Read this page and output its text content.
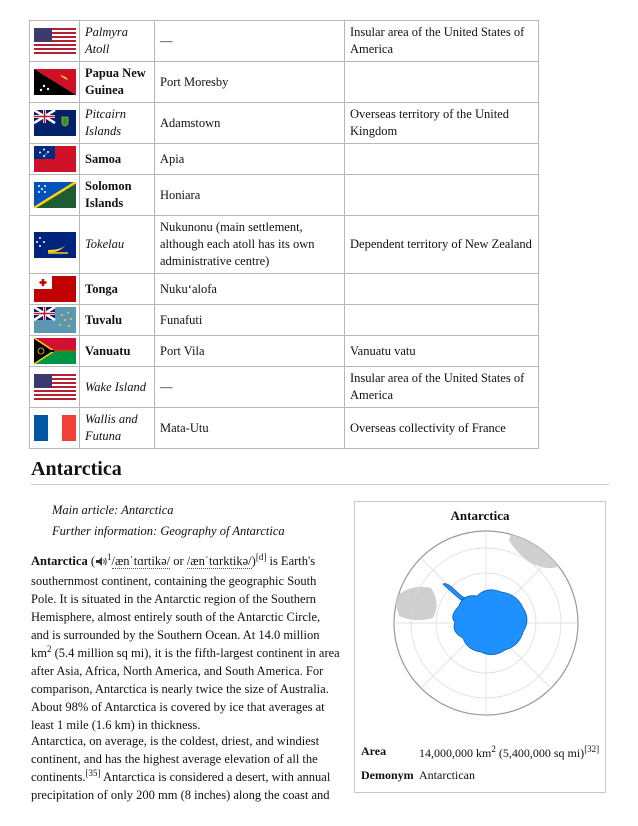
	Palmyra Atoll	—	Insular area of the United States of America

	Papua New Guinea	Port Moresby	

	Pitcairn Islands	Adamstown	Overseas territory of the United Kingdom

	Samoa	Apia	

	Solomon Islands	Honiara	

	Tokelau	Nukunonu (main settlement, although each atoll has its own administrative centre)	Dependent territory of New Zealand

	Tonga	Nuku‘alofa	

	Tuvalu	Funafuti	

	Vanuatu	Port Vila	Vanuatu vatu

	Wake Island	—	Insular area of the United States of America

	Wallis and Futuna	Mata-Utu	Overseas collectivity of France
Antarctica
Main article: Antarctica
Further information: Geography of Antarctica
Antarctica ( $^1$/ænˈtɑrtikə/ or /ænˈtɑrktikə/)[d] is Earth's southernmost continent, containing the geographic South Pole. It is situated in the Antarctic region of the Southern Hemisphere, almost entirely south of the Antarctic Circle, and is surrounded by the Southern Ocean. At 14.0 million $km^2$ (5.4 million sq mi), it is the fifth-largest continent in area after Asia, Africa, North America, and South America. For comparison, Antarctica is nearly twice the size of Australia. About 98% of Antarctica is covered by ice that averages at least 1 mile (1.6 km) in thickness.
Antarctica, on average, is the coldest, driest, and windiest continent, and has the highest average elevation of all the continents.[35] Antarctica is considered a desert, with annual precipitation of only 200 mm (8 inches) along the coast and
Antarctica
Area	14,000,000 $km^2$ (5,400,000 sq mi)[32]
Demonym Antarctican
